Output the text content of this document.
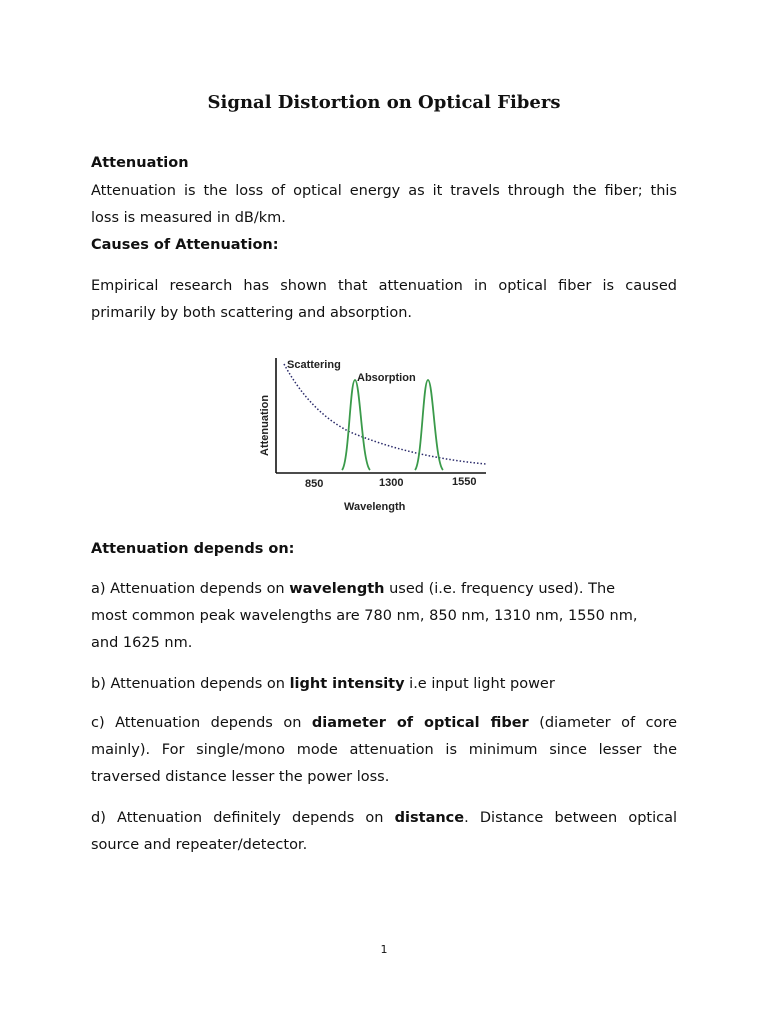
Signal Distortion on Optical Fibers
Attenuation
Attenuation is the loss of optical energy as it travels through the fiber; this
loss is measured in dB/km.
Causes of Attenuation:
Empirical research has shown that attenuation in optical fiber is caused
primarily by both scattering and absorption.
Scattering
Absorption
Attenuation
850	1300	1550
Wavelength
Attenuation depends on:
a) Attenuation depends on wavelength used (i.e. frequency used). The
most common peak wavelengths are 780 nm, 850 nm, 1310 nm, 1550 nm,
and 1625 nm.
b) Attenuation depends on light intensity i.e input light power
c) Attenuation depends on diameter of optical fiber (diameter of core
mainly). For single/mono mode attenuation is minimum since lesser the
traversed distance lesser the power loss.
d) Attenuation definitely depends on distance. Distance between optical
source and repeater/detector.
1
